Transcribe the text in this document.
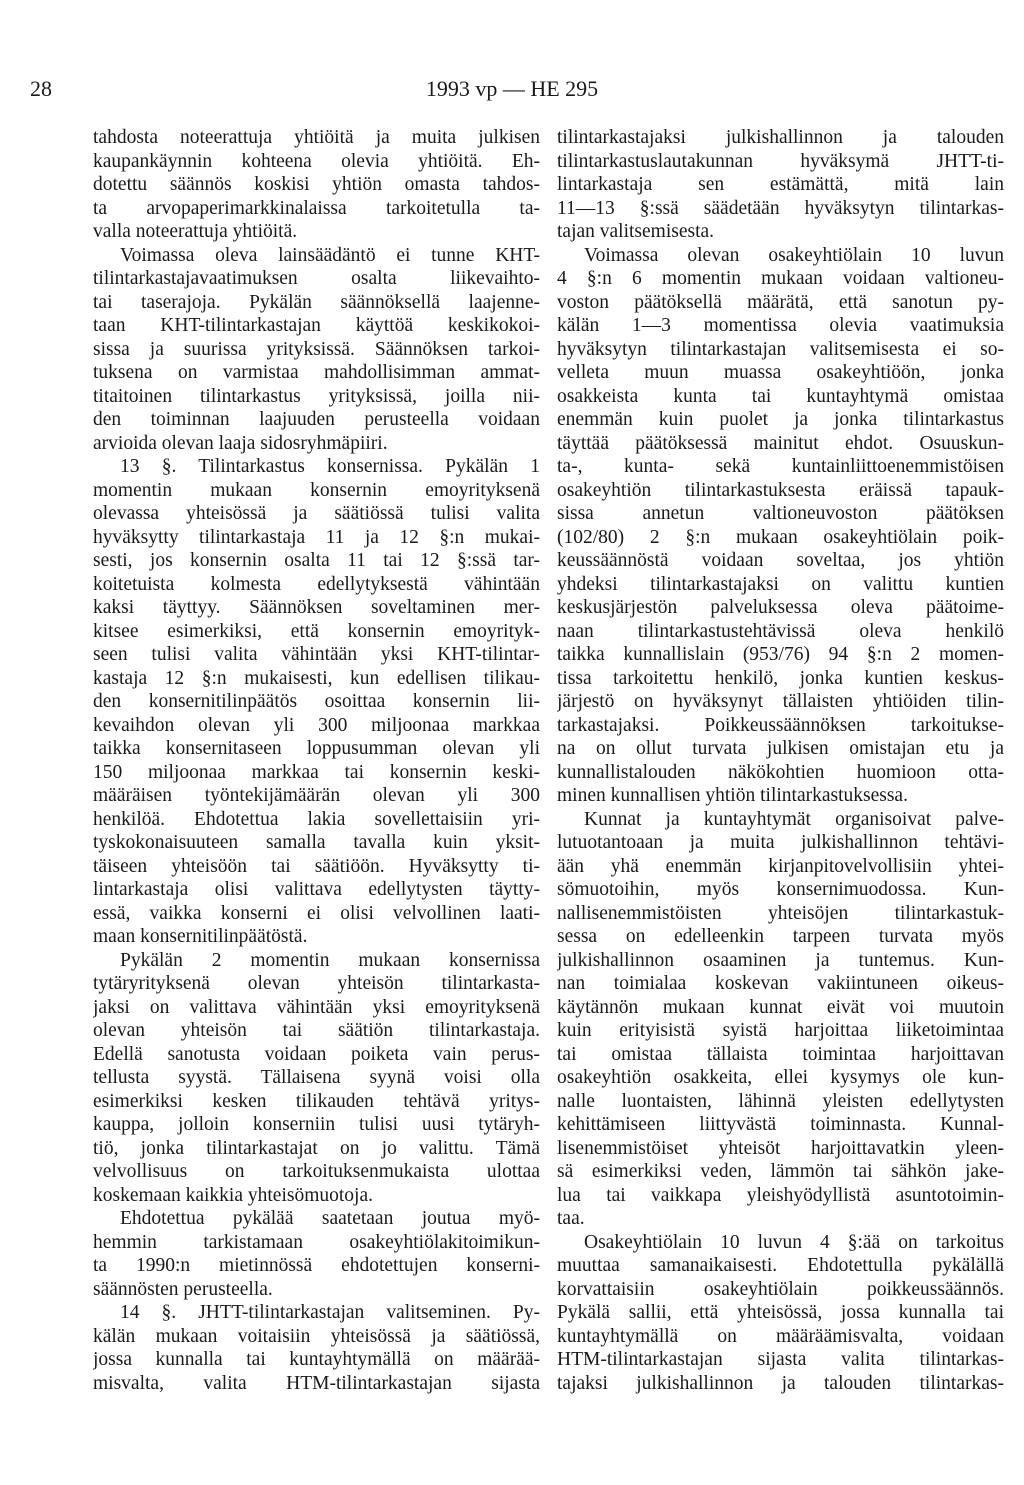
28	1993 vp — HE 295
tahdosta noteerattuja yhtiöitä ja muita julkisen
kaupankäynnin kohteena olevia yhtiöitä. Eh-
dotettu säännös koskisi yhtiön omasta tahdos-
ta arvopaperimarkkinalaissa tarkoitetulla ta-
valla noteerattuja yhtiöitä.
Voimassa oleva lainsäädäntö ei tunne KHT-
tilintarkastajavaatimuksen osalta liikevaihto-
tai taserajoja. Pykälän säännöksellä laajenne-
taan KHT-tilintarkastajan käyttöä keskikokoi-
sissa ja suurissa yrityksissä. Säännöksen tarkoi-
tuksena on varmistaa mahdollisimman ammat-
titaitoinen tilintarkastus yrityksissä, joilla nii-
den toiminnan laajuuden perusteella voidaan
arvioida olevan laaja sidosryhmäpiiri.
13 §. Tilintarkastus konsernissa. Pykälän 1
momentin mukaan konsernin emoyrityksenä
olevassa yhteisössä ja säätiössä tulisi valita
hyväksytty tilintarkastaja 11 ja 12 §:n mukai-
sesti, jos konsernin osalta 11 tai 12 §:ssä tar-
koitetuista kolmesta edellytyksestä vähintään
kaksi täyttyy. Säännöksen soveltaminen mer-
kitsee esimerkiksi, että konsernin emoyrityk-
seen tulisi valita vähintään yksi KHT-tilintar-
kastaja 12 §:n mukaisesti, kun edellisen tilikau-
den konsernitilinpäätös osoittaa konsernin lii-
kevaihdon olevan yli 300 miljoonaa markkaa
taikka konsernitaseen loppusumman olevan yli
150 miljoonaa markkaa tai konsernin keski-
määräisen työntekijämäärän olevan yli 300
henkilöä. Ehdotettua lakia sovellettaisiin yri-
tyskokonaisuuteen samalla tavalla kuin yksit-
täiseen yhteisöön tai säätiöön. Hyväksytty ti-
lintarkastaja olisi valittava edellytysten täytty-
essä, vaikka konserni ei olisi velvollinen laati-
maan konsernitilinpäätöstä.
Pykälän 2 momentin mukaan konsernissa
tytäryrityksenä olevan yhteisön tilintarkasta-
jaksi on valittava vähintään yksi emoyrityksenä
olevan yhteisön tai säätiön tilintarkastaja.
Edellä sanotusta voidaan poiketa vain perus-
tellusta syystä. Tällaisena syynä voisi olla
esimerkiksi kesken tilikauden tehtävä yritys-
kauppa, jolloin konserniin tulisi uusi tytäryh-
tiö, jonka tilintarkastajat on jo valittu. Tämä
velvollisuus on tarkoituksenmukaista ulottaa
koskemaan kaikkia yhteisömuotoja.
Ehdotettua pykälää saatetaan joutua myö-
hemmin tarkistamaan osakeyhtiölakitoimikun-
ta 1990:n mietinnössä ehdotettujen konserni-
säännösten perusteella.
14 §. JHTT-tilintarkastajan valitseminen. Py-
kälän mukaan voitaisiin yhteisössä ja säätiössä,
jossa kunnalla tai kuntayhtymällä on määrää-
misvalta, valita HTM-tilintarkastajan sijasta
tilintarkastajaksi julkishallinnon ja talouden
tilintarkastuslautakunnan hyväksymä JHTT-ti-
lintarkastaja sen estämättä, mitä lain
11—13 §:ssä säädetään hyväksytyn tilintarkas-
tajan valitsemisesta.
Voimassa olevan osakeyhtiölain 10 luvun
4 §:n 6 momentin mukaan voidaan valtioneu-
voston päätöksellä määrätä, että sanotun py-
kälän 1—3 momentissa olevia vaatimuksia
hyväksytyn tilintarkastajan valitsemisesta ei so-
velleta muun muassa osakeyhtiöön, jonka
osakkeista kunta tai kuntayhtymä omistaa
enemmän kuin puolet ja jonka tilintarkastus
täyttää päätöksessä mainitut ehdot. Osuuskun-
ta-, kunta- sekä kuntainliittoenemmistöisen
osakeyhtiön tilintarkastuksesta eräissä tapauk-
sissa annetun valtioneuvoston päätöksen
(102/80) 2 §:n mukaan osakeyhtiölain poik-
keussäännöstä voidaan soveltaa, jos yhtiön
yhdeksi tilintarkastajaksi on valittu kuntien
keskusjärjestön palveluksessa oleva päätoime-
naan tilintarkastustehtävissä oleva henkilö
taikka kunnallislain (953/76) 94 §:n 2 momen-
tissa tarkoitettu henkilö, jonka kuntien keskus-
järjestö on hyväksynyt tällaisten yhtiöiden tilin-
tarkastajaksi. Poikkeussäännöksen tarkoitukse-
na on ollut turvata julkisen omistajan etu ja
kunnallistalouden näkökohtien huomioon otta-
minen kunnallisen yhtiön tilintarkastuksessa.
Kunnat ja kuntayhtymät organisoivat palve-
lutuotantoaan ja muita julkishallinnon tehtävi-
ään yhä enemmän kirjanpitovelvollisiin yhtei-
sömuotoihin, myös konsernimuodossa. Kun-
nallisenemmistöisten yhteisöjen tilintarkastuk-
sessa on edelleenkin tarpeen turvata myös
julkishallinnon osaaminen ja tuntemus. Kun-
nan toimialaa koskevan vakiintuneen oikeus-
käytännön mukaan kunnat eivät voi muutoin
kuin erityisistä syistä harjoittaa liiketoimintaa
tai omistaa tällaista toimintaa harjoittavan
osakeyhtiön osakkeita, ellei kysymys ole kun-
nalle luontaisten, lähinnä yleisten edellytysten
kehittämiseen liittyvästä toiminnasta. Kunnal-
lisenemmistöiset yhteisöt harjoittavatkin yleen-
sä esimerkiksi veden, lämmön tai sähkön jake-
lua tai vaikkapa yleishyödyllistä asuntotoimin-
taa.
Osakeyhtiölain 10 luvun 4 §:ää on tarkoitus
muuttaa samanaikaisesti. Ehdotettulla pykälällä
korvattaisiin osakeyhtiölain poikkeussäännös.
Pykälä sallii, että yhteisössä, jossa kunnalla tai
kuntayhtymällä on määräämisvalta, voidaan
HTM-tilintarkastajan sijasta valita tilintarkas-
tajaksi julkishallinnon ja talouden tilintarkas-
